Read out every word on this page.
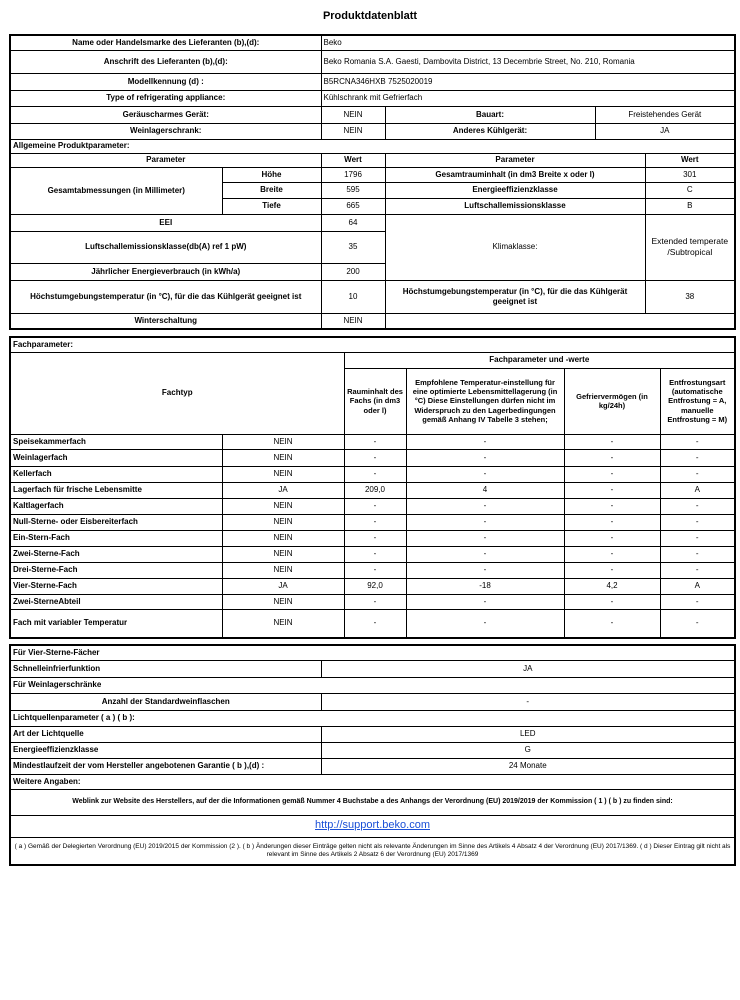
Produktdatenblatt
Name oder Handelsmarke des Lieferanten (b),(d):		Beko			
Anschrift des Lieferanten (b),(d):		Beko Romania S.A. Gaesti, Dambovita District, 13 Decembrie Street, No. 210, Romania			
Modellkennung (d) :		B5RCNA346HXB 7525020019			
Type of refrigerating appliance:		Kühlschrank mit Gefrierfach			
Geräuscharmes Gerät:		NEIN	Bauart:	Freistehendes Gerät	
Weinlagerschrank:		NEIN	Anderes Kühlgerät:	JA	
Allgemeine Produktparameter:					
Parameter		Wert	Parameter		Wert
Gesamtabmessungen (in Millimeter)	Höhe	1796	Gesamtrauminhalt (in dm3 Breite x oder l)		301
	Breite	595	Energieeffizienzklasse		C
	Tiefe	665	Luftschallemissionsklasse		B
EEI		64	Klimaklasse:		Extended temperate /Subtropical
Luftschallemissionsklasse(db(A) ref 1 pW)		35			
Jährlicher Energieverbrauch (in kWh/a)		200			
Höchstumgebungstemperatur (in °C), für die das Kühlgerät geeignet ist		10	Höchstumgebungstemperatur (in °C), für die das Kühlgerät geeignet ist		38
Winterschaltung		NEIN			
Fachparameter:					
Fachtyp		Fachparameter und -werte			
		Rauminhalt des Fachs (in dm3 oder l)	Empfohlene Temperatur-einstellung für eine optimierte Lebensmittellagerung (in °C) Diese Einstellungen dürfen nicht im Widerspruch zu den Lagerbedingungen gemäß Anhang IV Tabelle 3 stehen;	Gefriervermögen (in kg/24h)	Entfrostungsart (automatische Entfrostung = A, manuelle Entfrostung = M)
Speisekammerfach	NEIN	-	-	-	-
Weinlagerfach	NEIN	-	-	-	-
Kellerfach	NEIN	-	-	-	-
Lagerfach für frische Lebensmitte	JA	209,0	4	-	A
Kaltlagerfach	NEIN	-	-	-	-
Null-Sterne- oder Eisbereiterfach	NEIN	-	-	-	-
Ein-Stern-Fach	NEIN	-	-	-	-
Zwei-Sterne-Fach	NEIN	-	-	-	-
Drei-Sterne-Fach	NEIN	-	-	-	-
Vier-Sterne-Fach	JA	92,0	-18	4,2	A
Zwei-SterneAbteil	NEIN	-	-	-	-
Fach mit variabler Temperatur	NEIN	-	-	-	-
Für Vier-Sterne-Fächer	
Schnelleinfrierfunktion	JA
Für Weinlagerschränke	
Anzahl der Standardweinflaschen	-
Lichtquellenparameter ( a ) ( b ):	
Art der Lichtquelle	LED
Energieeffizienzklasse	G
Mindestlaufzeit der vom Hersteller angebotenen Garantie ( b ),(d) :	24 Monate
Weitere Angaben:	
Weblink zur Website des Herstellers, auf der die Informationen gemäß Nummer 4 Buchstabe a des Anhangs der Verordnung (EU) 2019/2019 der Kommission ( 1 ) ( b ) zu finden sind:	
http://support.beko.com	
( a ) Gemäß der Delegierten Verordnung (EU) 2019/2015 der Kommission (2 ). ( b ) Änderungen dieser Einträge gelten nicht als relevante Änderungen im Sinne des Artikels 4 Absatz 4 der Verordnung (EU) 2017/1369. ( d ) Dieser Eintrag gilt nicht als relevant im Sinne des Artikels 2 Absatz 6 der Verordnung (EU) 2017/1369	
